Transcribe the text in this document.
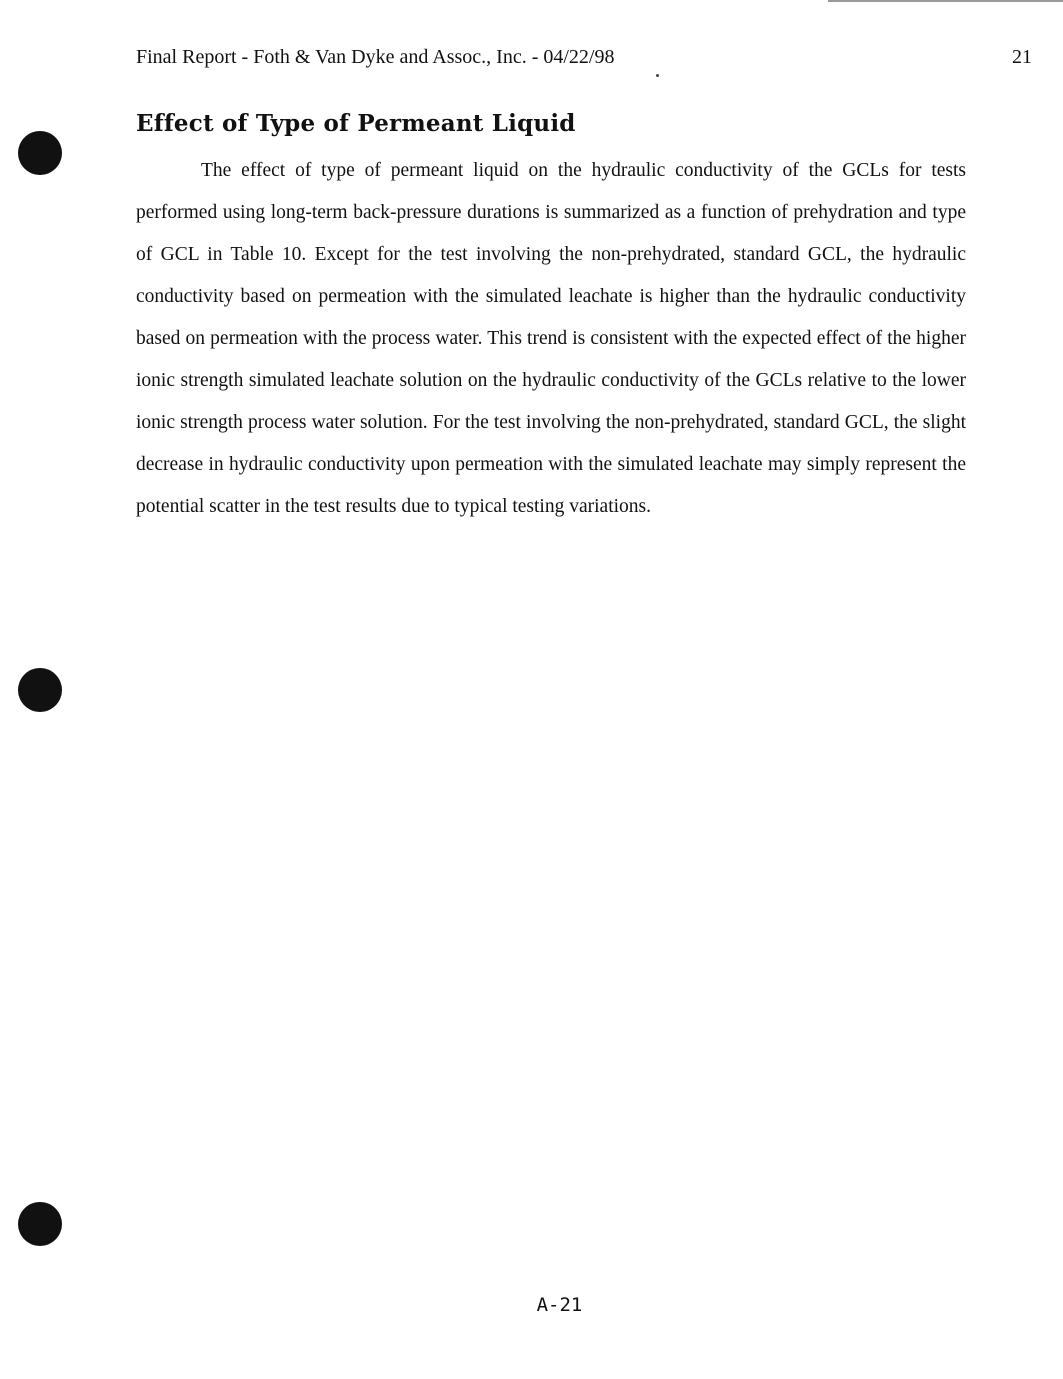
Final Report - Foth & Van Dyke and Assoc., Inc. - 04/22/98	21
Effect of Type of Permeant Liquid

The effect of type of permeant liquid on the hydraulic conductivity of the GCLs for tests performed using long-term back-pressure durations is summarized as a function of prehydration and type of GCL in Table 10. Except for the test involving the non-prehydrated, standard GCL, the hydraulic conductivity based on permeation with the simulated leachate is higher than the hydraulic conductivity based on permeation with the process water. This trend is consistent with the expected effect of the higher ionic strength simulated leachate solution on the hydraulic conductivity of the GCLs relative to the lower ionic strength process water solution. For the test involving the non-prehydrated, standard GCL, the slight decrease in hydraulic conductivity upon permeation with the simulated leachate may simply represent the potential scatter in the test results due to typical testing variations.

A-21
